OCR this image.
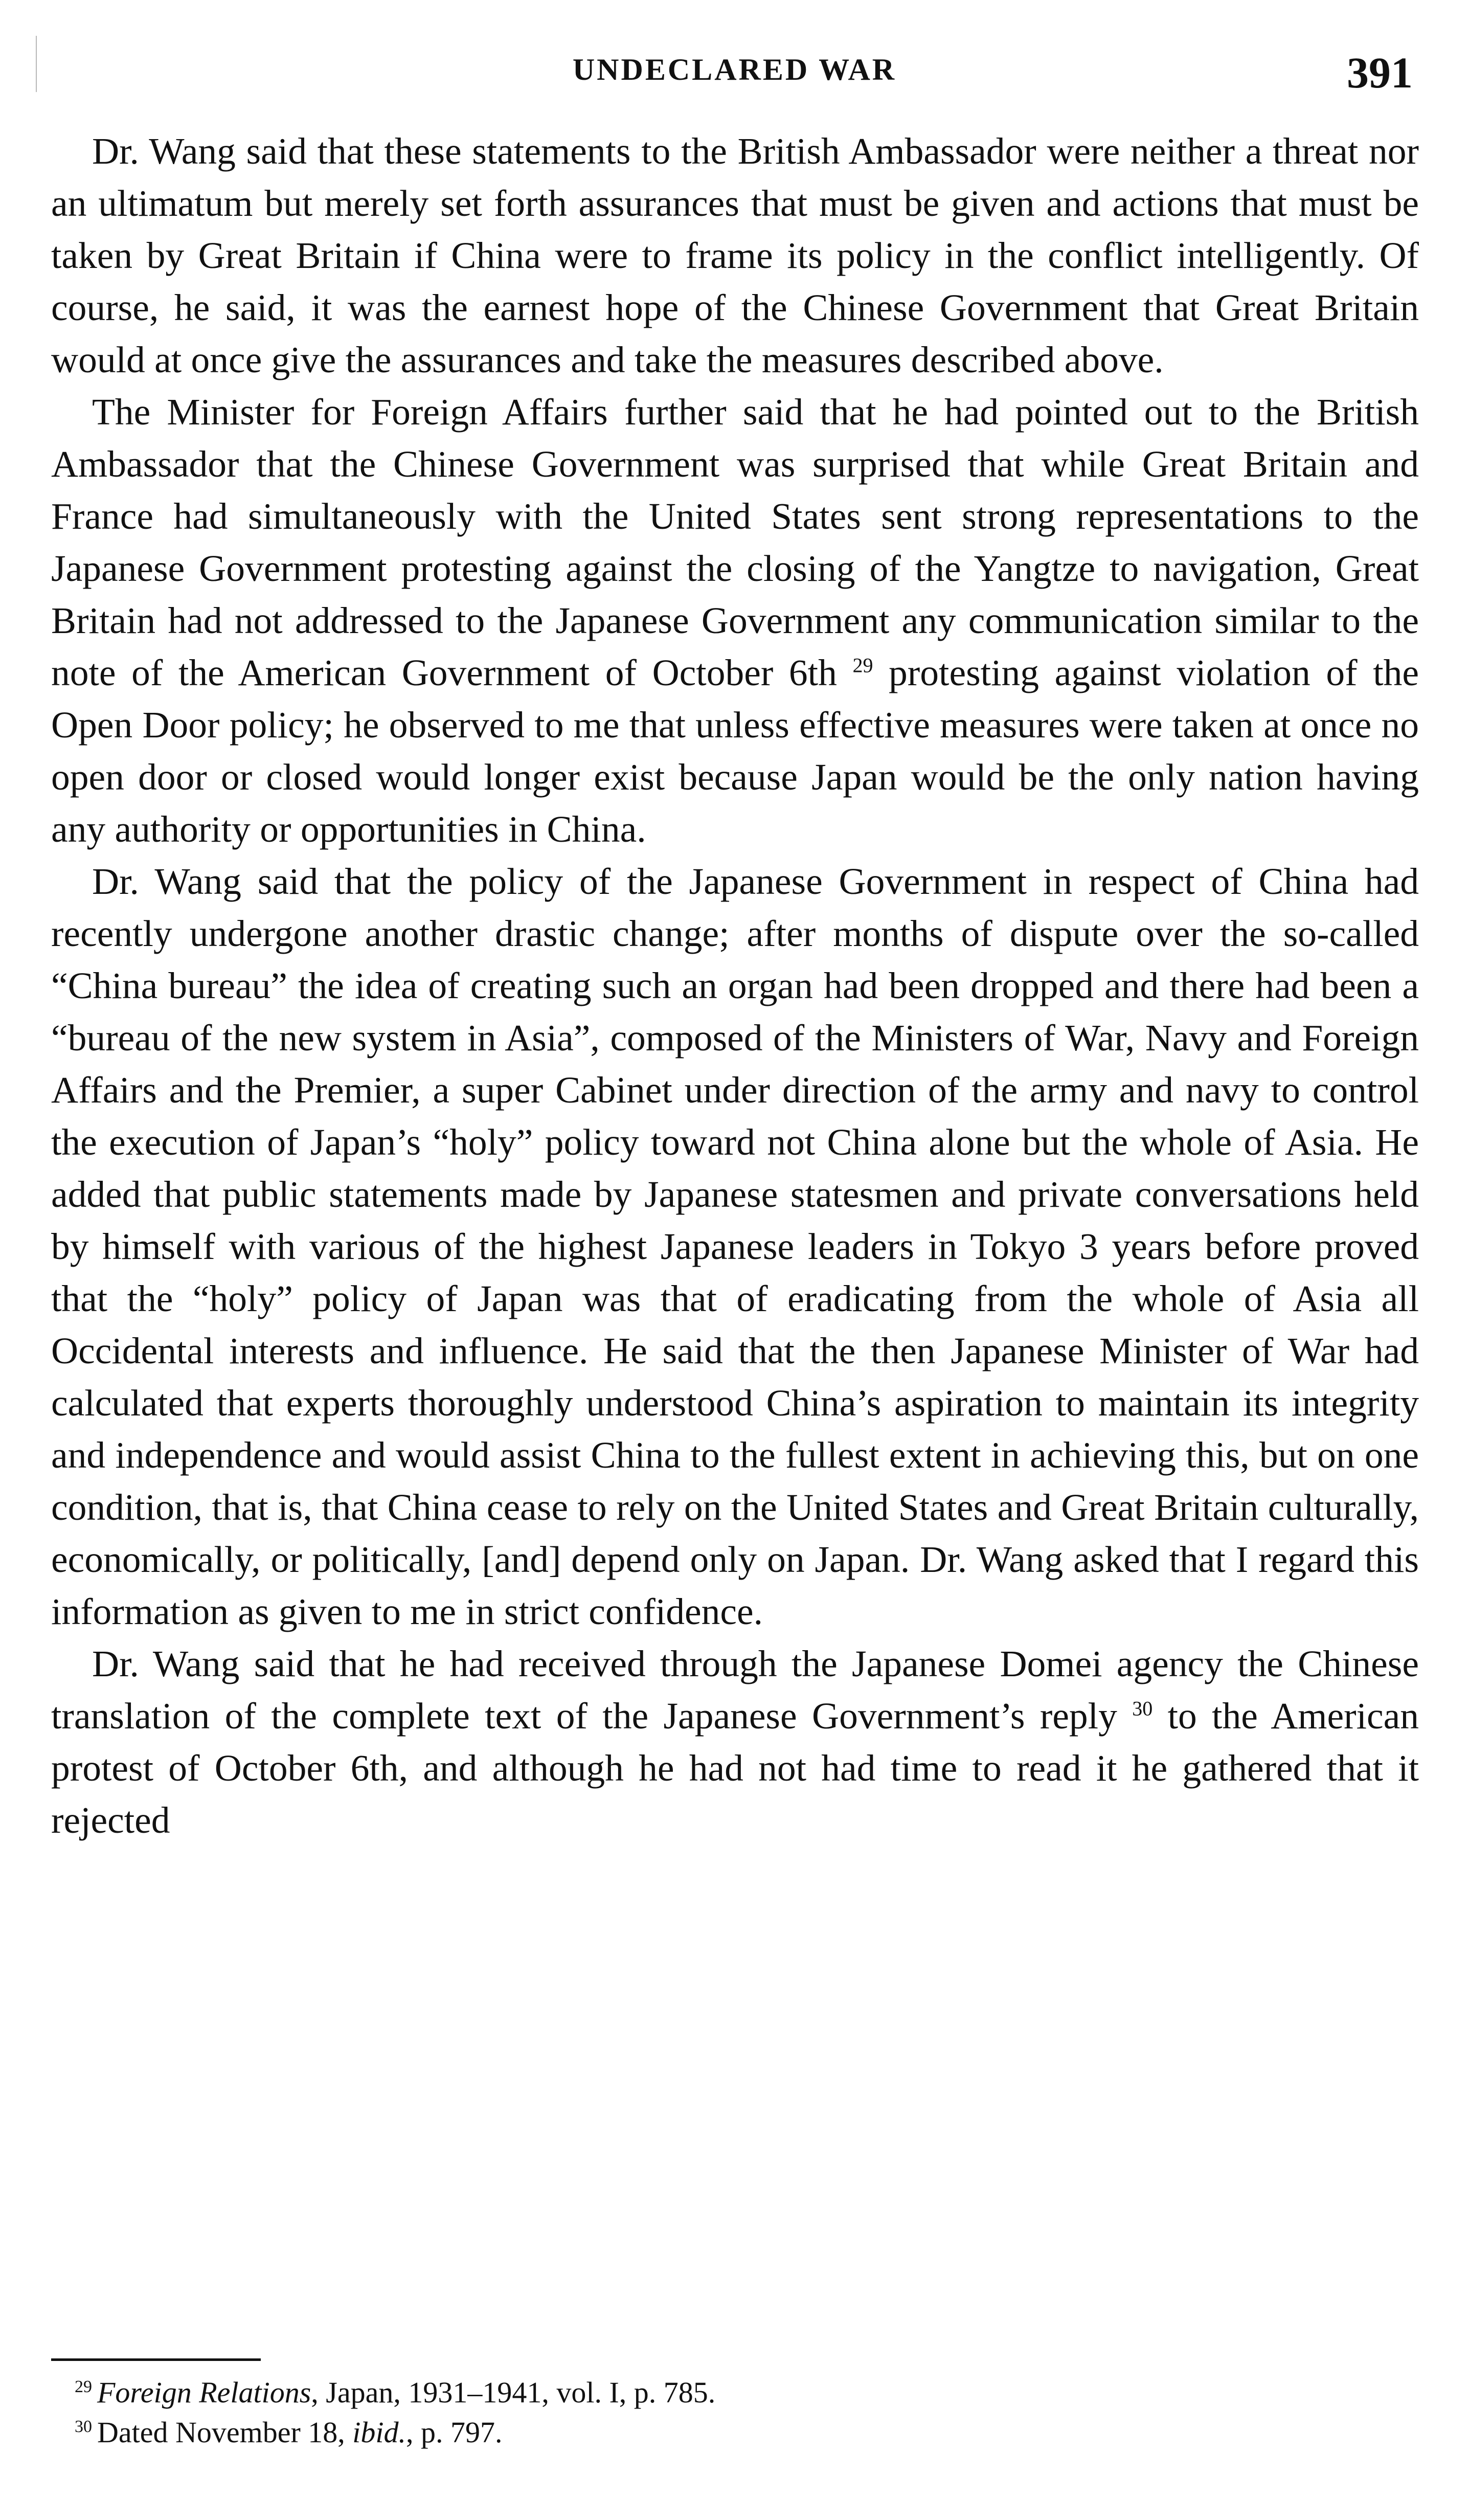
UNDECLARED WAR	391

Dr. Wang said that these statements to the British Ambassador were neither a threat nor an ultimatum but merely set forth assurances that must be given and actions that must be taken by Great Britain if China were to frame its policy in the conflict intelligently. Of course, he said, it was the earnest hope of the Chinese Government that Great Britain would at once give the assurances and take the measures described above.

The Minister for Foreign Affairs further said that he had pointed out to the British Ambassador that the Chinese Government was surprised that while Great Britain and France had simultaneously with the United States sent strong representations to the Japanese Government protesting against the closing of the Yangtze to navigation, Great Britain had not addressed to the Japanese Government any communication similar to the note of the American Government of October 6th $^{29}$ protesting against violation of the Open Door policy; he observed to me that unless effective measures were taken at once no open door or closed would longer exist because Japan would be the only nation having any authority or opportunities in China.

Dr. Wang said that the policy of the Japanese Government in respect of China had recently undergone another drastic change; after months of dispute over the so-called “China bureau” the idea of creating such an organ had been dropped and there had been a “bureau of the new system in Asia”, composed of the Ministers of War, Navy and Foreign Affairs and the Premier, a super Cabinet under direction of the army and navy to control the execution of Japan’s “holy” policy toward not China alone but the whole of Asia. He added that public statements made by Japanese statesmen and private conversations held by himself with various of the highest Japanese leaders in Tokyo 3 years before proved that the “holy” policy of Japan was that of eradicating from the whole of Asia all Occidental interests and influence. He said that the then Japanese Minister of War had calculated that experts thoroughly understood China’s aspiration to maintain its integrity and independence and would assist China to the fullest extent in achieving this, but on one condition, that is, that China cease to rely on the United States and Great Britain culturally, economically, or politically, [and] depend only on Japan. Dr. Wang asked that I regard this information as given to me in strict confidence.

Dr. Wang said that he had received through the Japanese Domei agency the Chinese translation of the complete text of the Japanese Government’s reply $^{30}$ to the American protest of October 6th, and although he had not had time to read it he gathered that it rejected

$^{29}$ Foreign Relations, Japan, 1931–1941, vol. I, p. 785.
$^{30}$ Dated November 18, ibid., p. 797.
